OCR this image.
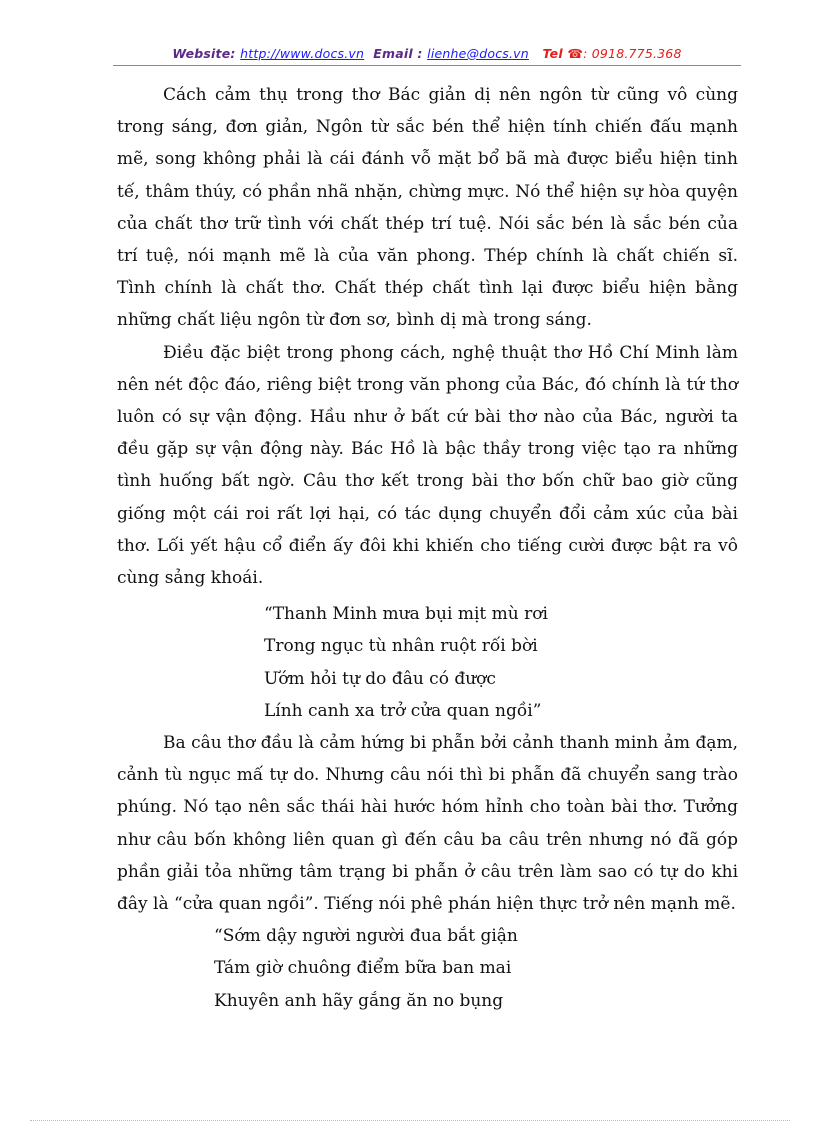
Website: http://www.docs.vn Email : lienhe@docs.vn Tel ☎: 0918.775.368

Cách cảm thụ trong thơ Bác giản dị nên ngôn từ cũng vô cùng trong sáng, đơn giản, Ngôn từ sắc bén thể hiện tính chiến đấu mạnh mẽ, song không phải là cái đánh vỗ mặt bổ bã mà được biểu hiện tinh tế, thâm thúy, có phần nhã nhặn, chừng mực. Nó thể hiện sự hòa quyện của chất thơ trữ tình với chất thép trí tuệ. Nói sắc bén là sắc bén của trí tuệ, nói mạnh mẽ là của văn phong. Thép chính là chất chiến sĩ. Tình chính là chất thơ. Chất thép chất tình lại được biểu hiện bằng những chất liệu ngôn từ đơn sơ, bình dị mà trong sáng.

Điều đặc biệt trong phong cách, nghệ thuật thơ Hồ Chí Minh làm nên nét độc đáo, riêng biệt trong văn phong của Bác, đó chính là tứ thơ luôn có sự vận động. Hầu như ở bất cứ bài thơ nào của Bác, người ta đều gặp sự vận động này. Bác Hồ là bậc thầy trong việc tạo ra những tình huống bất ngờ. Câu thơ kết trong bài thơ bốn chữ bao giờ cũng giống một cái roi rất lợi hại, có tác dụng chuyển đổi cảm xúc của bài thơ. Lối yết hậu cổ điển ấy đôi khi khiến cho tiếng cười được bật ra vô cùng sảng khoái.

“Thanh Minh mưa bụi mịt mù rơi
Trong ngục tù nhân ruột rối bời
Ướm hỏi tự do đâu có được
Lính canh xa trở cửa quan ngồi”

Ba câu thơ đầu là cảm hứng bi phẫn bởi cảnh thanh minh ảm đạm, cảnh tù ngục mấ tự do. Nhưng câu nói thì bi phẫn đã chuyển sang trào phúng. Nó tạo nên sắc thái hài hước hóm hỉnh cho toàn bài thơ. Tưởng như câu bốn không liên quan gì đến câu ba câu trên nhưng nó đã góp phần giải tỏa những tâm trạng bi phẫn ở câu trên làm sao có tự do khi đây là “cửa quan ngồi”. Tiếng nói phê phán hiện thực trở nên mạnh mẽ.

“Sớm dậy người người đua bắt giận
Tám giờ chuông điểm bữa ban mai
Khuyên anh hãy gắng ăn no bụng
